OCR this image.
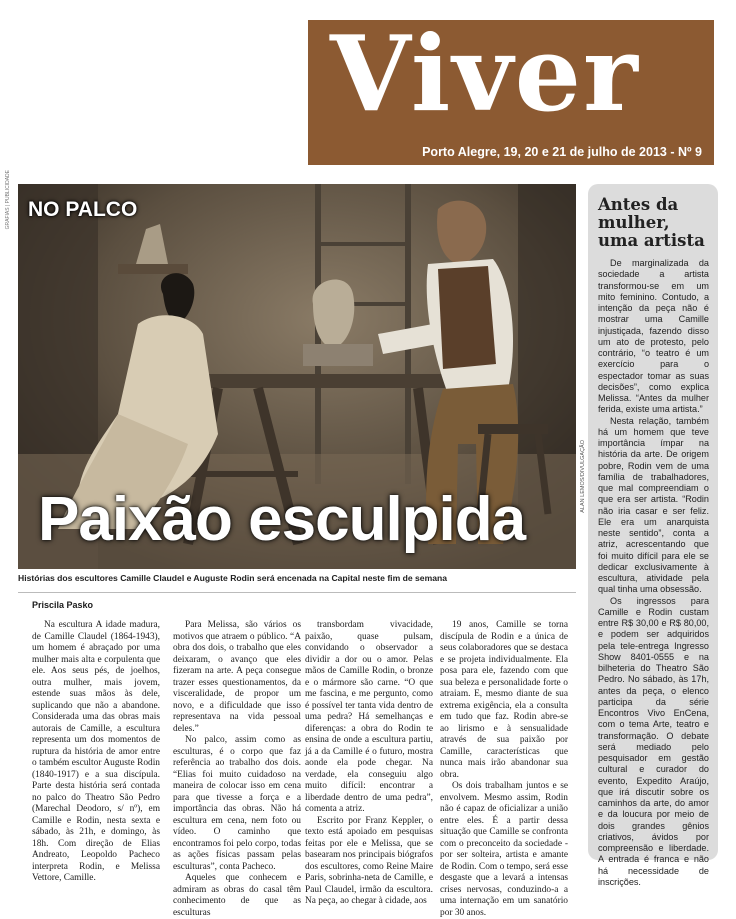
Viver
Porto Alegre, 19, 20 e 21 de julho de 2013 - Nº 9
GRAFIAS | PUBLICIDADE NO PALCO
Paixão esculpida
ALAN LEMOS/DIVULGAÇÃO
Histórias dos escultores Camille Claudel e Auguste Rodin será encenada na Capital neste fim de semana
Priscila Pasko

Na escultura A idade madura, de Camille Claudel (1864-1943), um homem é abraçado por uma mulher mais alta e corpulenta que ele. Aos seus pés, de joelhos, outra mulher, mais jovem, estende suas mãos às dele, suplicando que não a abandone. Considerada uma das obras mais autorais de Camille, a escultura representa um dos momentos de ruptura da história de amor entre o também escultor Auguste Rodin (1840-1917) e a sua discípula. Parte desta história será contada no palco do Theatro São Pedro (Marechal Deodoro, s/ nº), em Camille e Rodin, nesta sexta e sábado, às 21h, e domingo, às 18h. Com direção de Elias Andreato, Leopoldo Pacheco interpreta Rodin, e Melissa Vettore, Camille.

Para Melissa, são vários os motivos que atraem o público. “A obra dos dois, o trabalho que eles deixaram, o avanço que eles fizeram na arte. A peça consegue trazer esses questionamentos, da visceralidade, de propor um novo, e a dificuldade que isso representava na vida pessoal deles.”

No palco, assim como as esculturas, é o corpo que faz referência ao trabalho dos dois. “Elias foi muito cuidadoso na maneira de colocar isso em cena para que tivesse a força e a importância das obras. Não há escultura em cena, nem foto ou vídeo. O caminho que encontramos foi pelo corpo, todas as ações físicas passam pelas esculturas”, conta Pacheco.

Aqueles que conhecem e admiram as obras do casal têm conhecimento de que as esculturas

transbordam vivacidade, paixão, quase pulsam, convidando o observador a dividir a dor ou o amor. Pelas mãos de Camille Rodin, o bronze e o mármore são carne. “O que me fascina, e me pergunto, como é possível ter tanta vida dentro de uma pedra? Há semelhanças e diferenças: a obra do Rodin te ensina de onde a escultura partiu, já a da Camille é o futuro, mostra aonde ela pode chegar. Na verdade, ela conseguiu algo muito difícil: encontrar a liberdade dentro de uma pedra”, comenta a atriz.

Escrito por Franz Keppler, o texto está apoiado em pesquisas feitas por ele e Melissa, que se basearam nos principais biógrafos dos escultores, como Reine Maire Paris, sobrinha-neta de Camille, e Paul Claudel, irmão da escultora. Na peça, ao chegar à cidade, aos

19 anos, Camille se torna discípula de Rodin e a única de seus colaboradores que se destaca e se projeta individualmente. Ela posa para ele, fazendo com que sua beleza e personalidade forte o atraiam. E, mesmo diante de sua extrema exigência, ela a consulta em tudo que faz. Rodin abre-se ao lirismo e à sensualidade através de sua paixão por Camille, características que nunca mais irão abandonar sua obra.

Os dois trabalham juntos e se envolvem. Mesmo assim, Rodin não é capaz de oficializar a união entre eles. É a partir dessa situação que Camille se confronta com o preconceito da sociedade - por ser solteira, artista e amante de Rodin. Com o tempo, será esse desgaste que a levará a intensas crises nervosas, conduzindo-a a uma internação em um sanatório por 30 anos.

Antes da mulher, uma artista

De marginalizada da sociedade a artista transformou-se em um mito feminino. Contudo, a intenção da peça não é mostrar uma Camille injustiçada, fazendo disso um ato de protesto, pelo contrário, “o teatro é um exercício para o espectador tomar as suas decisões”, como explica Melissa. “Antes da mulher ferida, existe uma artista.”

Nesta relação, também há um homem que teve importância ímpar na história da arte. De origem pobre, Rodin vem de uma família de trabalhadores, que mal compreendiam o que era ser artista. “Rodin não iria casar e ser feliz. Ele era um anarquista neste sentido”, conta a atriz, acrescentando que foi muito difícil para ele se dedicar exclusivamente à escultura, atividade pela qual tinha uma obsessão.

Os ingressos para Camille e Rodin custam entre R$ 30,00 e R$ 80,00, e podem ser adquiridos pela tele-entrega Ingresso Show 8401-0555 e na bilheteria do Theatro São Pedro. No sábado, às 17h, antes da peça, o elenco participa da série Encontros Vivo EnCena, com o tema Arte, teatro e transformação. O debate será mediado pelo pesquisador em gestão cultural e curador do evento, Expedito Araújo, que irá discutir sobre os caminhos da arte, do amor e da loucura por meio de dois grandes gênios criativos, ávidos por compreensão e liberdade. A entrada é franca e não há necessidade de inscrições.
